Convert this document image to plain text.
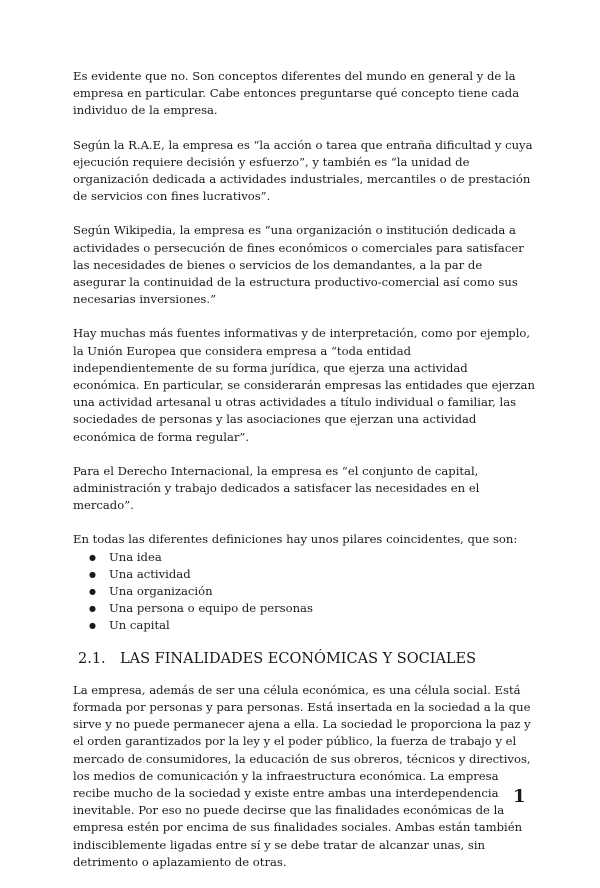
Es evidente que no. Son conceptos diferentes del mundo en general y de la empresa en particular. Cabe entonces preguntarse qué concepto tiene cada individuo de la empresa.

Según la R.A.E, la empresa es “la acción o tarea que entraña dificultad y cuya ejecución requiere decisión y esfuerzo”, y también es “la unidad de organización dedicada a actividades industriales, mercantiles o de prestación de servicios con fines lucrativos”.

Según Wikipedia, la empresa es “una organización o institución dedicada a actividades o persecución de fines económicos o comerciales para satisfacer las necesidades de bienes o servicios de los demandantes, a la par de asegurar la continuidad de la estructura productivo-comercial así como sus necesarias inversiones.”

Hay muchas más fuentes informativas y de interpretación, como por ejemplo, la Unión Europea que considera empresa a “toda entidad independientemente de su forma jurídica, que ejerza una actividad económica. En particular, se considerarán empresas las entidades que ejerzan una actividad artesanal u otras actividades a título individual o familiar, las sociedades de personas y las asociaciones que ejerzan una actividad económica de forma regular”.

Para el Derecho Internacional, la empresa es “el conjunto de capital, administración y trabajo dedicados a satisfacer las necesidades en el mercado”.

En todas las diferentes definiciones hay unos pilares coincidentes, que son:

● Una idea
● Una actividad
● Una organización
● Una persona o equipo de personas
● Un capital
2.1. LAS FINALIDADES ECONÓMICAS Y SOCIALES

La empresa, además de ser una célula económica, es una célula social. Está formada por personas y para personas. Está insertada en la sociedad a la que sirve y no puede permanecer ajena a ella. La sociedad le proporciona la paz y el orden garantizados por la ley y el poder público, la fuerza de trabajo y el mercado de consumidores, la educación de sus obreros, técnicos y directivos, los medios de comunicación y la infraestructura económica. La empresa recibe mucho de la sociedad y existe entre ambas una interdependencia inevitable. Por eso no puede decirse que las finalidades económicas de la empresa estén por encima de sus finalidades sociales. Ambas están también indisciblemente ligadas entre sí y se debe tratar de alcanzar unas, sin detrimento o aplazamiento de otras.

1
